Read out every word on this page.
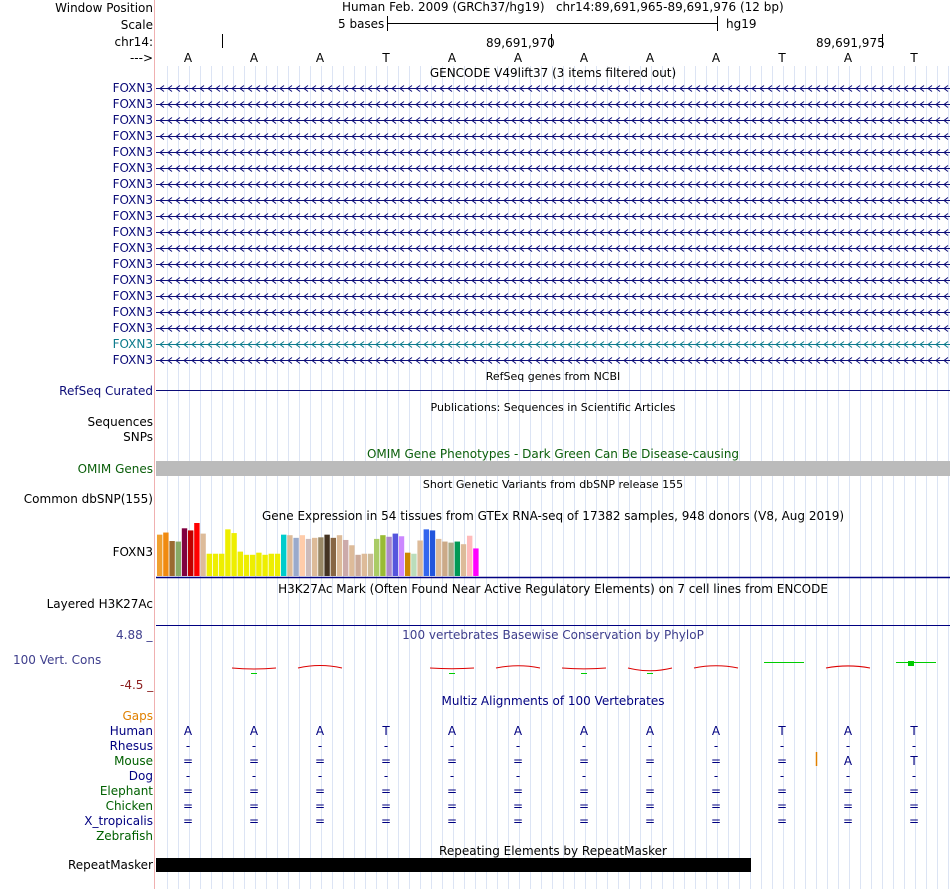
Window Position
Scale
chr14:
--->
Human Feb. 2009 (GRCh37/hg19)   chr14:89,691,965-89,691,976 (12 bp)
5 bases	hg19
89,691,970	89,691,975
A	A	A	T	A	A	A	A	A	T	A	T
GENCODE V49lift37 (3 items filtered out)
FOXN3
FOXN3
FOXN3
FOXN3
FOXN3
FOXN3
FOXN3
FOXN3
FOXN3
FOXN3
FOXN3
FOXN3
FOXN3
FOXN3
FOXN3
FOXN3
FOXN3
FOXN3
RefSeq genes from NCBI
RefSeq Curated
Publications: Sequences in Scientific Articles
Sequences
SNPs
OMIM Gene Phenotypes - Dark Green Can Be Disease-causing
OMIM Genes
Short Genetic Variants from dbSNP release 155
Common dbSNP(155)
Gene Expression in 54 tissues from GTEx RNA-seq of 17382 samples, 948 donors (V8, Aug 2019)
FOXN3
H3K27Ac Mark (Often Found Near Active Regulatory Elements) on 7 cell lines from ENCODE
Layered H3K27Ac
100 vertebrates Basewise Conservation by PhyloP
100 Vert. Cons
4.88 _
-4.5 _
Multiz Alignments of 100 Vertebrates
Gaps
Human	A	A	A	T	A	A	A	A	A	T	A	T
Rhesus	-	-	-	-	-	-	-	-	-	-	-	-
Mouse =	=	=	=	=	=	=	=	=	=	A	T
Dog	-	-	-	-	-	-	-	-	-	-	-	-
Elephant =	=	=	=	=	=	=	=	=	=	=	=
Chicken =	=	=	=	=	=	=	=	=	=	=	=
X_tropicalis =	=	=	=	=	=	=	=	=	=	=	=
Zebrafish
Repeating Elements by RepeatMasker
RepeatMasker
